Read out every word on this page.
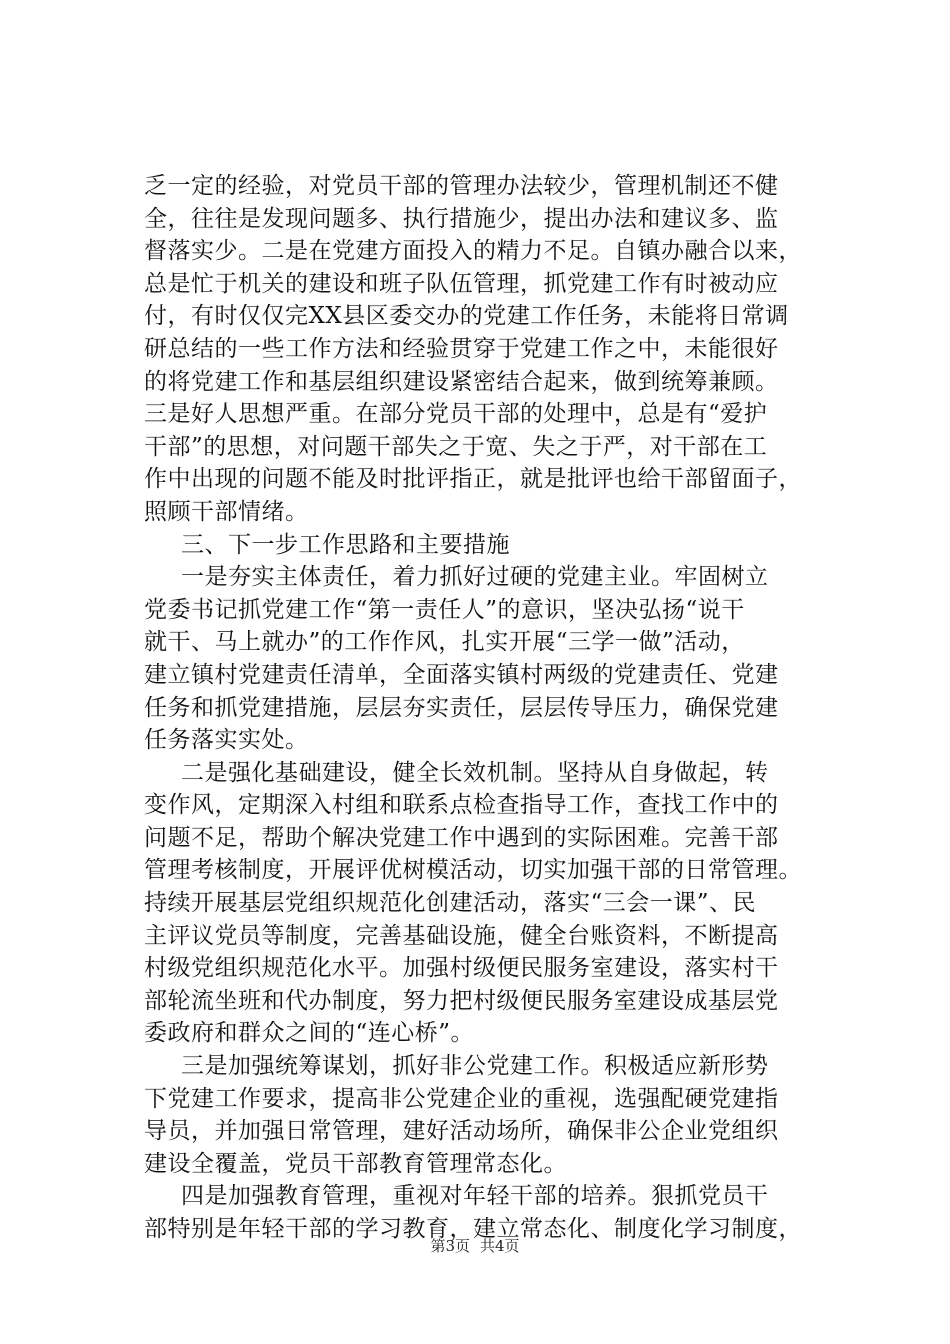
乏一定的经验，对党员干部的管理办法较少，管理机制还不健
全，往往是发现问题多、执行措施少，提出办法和建议多、监
督落实少。二是在党建方面投入的精力不足。自镇办融合以来，
总是忙于机关的建设和班子队伍管理，抓党建工作有时被动应
付，有时仅仅完XX县区委交办的党建工作任务，未能将日常调
研总结的一些工作方法和经验贯穿于党建工作之中，未能很好
的将党建工作和基层组织建设紧密结合起来，做到统筹兼顾。
三是好人思想严重。在部分党员干部的处理中，总是有“爱护
干部”的思想，对问题干部失之于宽、失之于严，对干部在工
作中出现的问题不能及时批评指正，就是批评也给干部留面子，
照顾干部情绪。
三、下一步工作思路和主要措施
一是夯实主体责任，着力抓好过硬的党建主业。牢固树立
党委书记抓党建工作“第一责任人”的意识，坚决弘扬“说干
就干、马上就办”的工作作风，扎实开展“三学一做”活动，
建立镇村党建责任清单，全面落实镇村两级的党建责任、党建
任务和抓党建措施，层层夯实责任，层层传导压力，确保党建
任务落实实处。
二是强化基础建设，健全长效机制。坚持从自身做起，转
变作风，定期深入村组和联系点检查指导工作，查找工作中的
问题不足，帮助个解决党建工作中遇到的实际困难。完善干部
管理考核制度，开展评优树模活动，切实加强干部的日常管理。
持续开展基层党组织规范化创建活动，落实“三会一课”、民
主评议党员等制度，完善基础设施，健全台账资料，不断提高
村级党组织规范化水平。加强村级便民服务室建设，落实村干
部轮流坐班和代办制度，努力把村级便民服务室建设成基层党
委政府和群众之间的“连心桥”。
三是加强统筹谋划，抓好非公党建工作。积极适应新形势
下党建工作要求，提高非公党建企业的重视，选强配硬党建指
导员，并加强日常管理，建好活动场所，确保非公企业党组织
建设全覆盖，党员干部教育管理常态化。
四是加强教育管理，重视对年轻干部的培养。狠抓党员干
部特别是年轻干部的学习教育，建立常态化、制度化学习制度，
第3页 共4页
